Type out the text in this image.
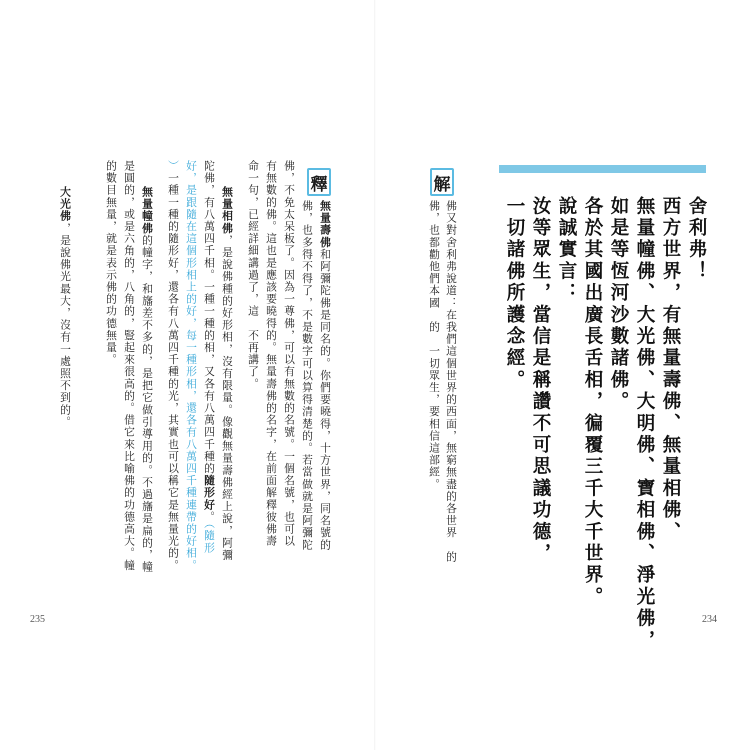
舍利弗！
西方世界，有無量壽佛、無量相佛、
無量幢佛、大光佛、大明佛、寶相佛、淨光佛，
如是等恆河沙數諸佛。
各於其國出廣長舌相，徧覆三千大千世界。
說誠實言：
汝等眾生，當信是稱讚不可思議功德，
一切諸佛所護念經。
解
佛又對舍利弗說道：在我們這個世界的西面，無窮無盡的各世界　的
佛，也都勸他們本國　的　一切眾生，要相信這部經。
234
釋
無量壽佛和阿彌陀佛是同名的。你們要曉得，十方世界，同名號的
佛，也多得不得了，不是數字可以算得清楚的。若當做就是阿彌陀
佛，不免太呆板了。因為一尊佛，可以有無數的名號。一個名號，也可以
有無數的佛。這也是應該要曉得的。無量壽佛的名字，在前面解釋彼佛壽
命一句，已經詳細講過了，這　不再講了。
無量相佛，是說佛種的好形相，沒有限量。像觀無量壽佛經上說，阿彌
陀佛，有八萬四千相。一種一種的相，又各有八萬四千種的隨形好。（隨形
好，是跟隨在這個形相上的好，每一種形相，還各有八萬四千種連帶的好相。
）一種一種的隨形好，還各有八萬四千種的光，其實也可以稱它是無量光的。
無量幢佛的幢字，和旛差不多的，是把它做引導用的。不過旛是扁的，幢
是圓的，或是六角的，八角的，豎起來很高的。借它來比喻佛的功德高大。幢
的數目無量，就是表示佛的功德無量。
大光佛，是說佛光最大，沒有一處照不到的。
235
